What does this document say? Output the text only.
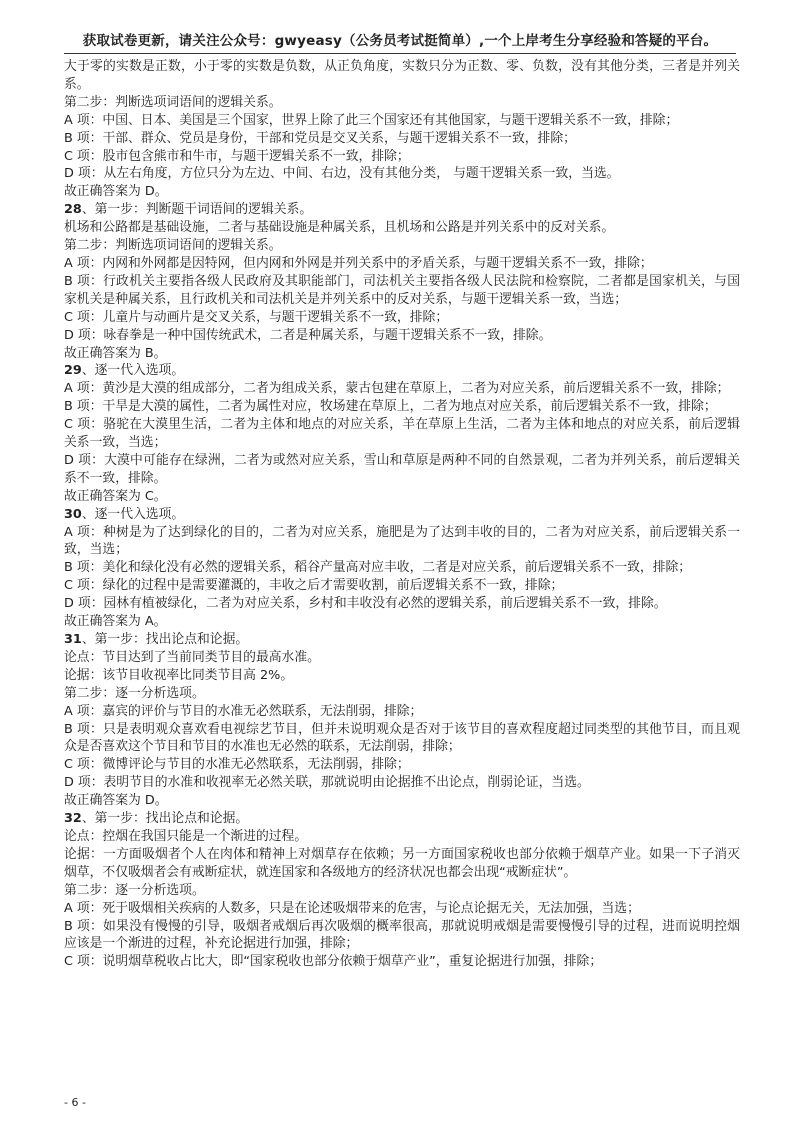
获取试卷更新，请关注公众号：gwyeasy（公务员考试挺简单）,一个上岸考生分享经验和答疑的平台。
大于零的实数是正数，小于零的实数是负数，从正负角度，实数只分为正数、零、负数，没有其他分类，三者是并列关系。
第二步：判断选项词语间的逻辑关系。
A 项：中国、日本、美国是三个国家，世界上除了此三个国家还有其他国家，与题干逻辑关系不一致，排除；
B 项：干部、群众、党员是身份，干部和党员是交叉关系，与题干逻辑关系不一致，排除；
C 项：股市包含熊市和牛市，与题干逻辑关系不一致，排除；
D 项：从左右角度，方位只分为左边、中间、右边，没有其他分类， 与题干逻辑关系一致，当选。
故正确答案为 D。
28、第一步：判断题干词语间的逻辑关系。
机场和公路都是基础设施，二者与基础设施是种属关系，且机场和公路是并列关系中的反对关系。
第二步：判断选项词语间的逻辑关系。
A 项：内网和外网都是因特网，但内网和外网是并列关系中的矛盾关系，与题干逻辑关系不一致，排除；
B 项：行政机关主要指各级人民政府及其职能部门，司法机关主要指各级人民法院和检察院，二者都是国家机关，与国家机关是种属关系，且行政机关和司法机关是并列关系中的反对关系，与题干逻辑关系一致，当选；
C 项：儿童片与动画片是交叉关系，与题干逻辑关系不一致，排除；
D 项：咏春拳是一种中国传统武术，二者是种属关系，与题干逻辑关系不一致，排除。
故正确答案为 B。
29、逐一代入选项。
A 项：黄沙是大漠的组成部分，二者为组成关系，蒙古包建在草原上，二者为对应关系，前后逻辑关系不一致，排除；
B 项：干旱是大漠的属性，二者为属性对应，牧场建在草原上，二者为地点对应关系，前后逻辑关系不一致，排除；
C 项：骆驼在大漠里生活，二者为主体和地点的对应关系，羊在草原上生活，二者为主体和地点的对应关系，前后逻辑关系一致，当选；
D 项：大漠中可能存在绿洲，二者为或然对应关系，雪山和草原是两种不同的自然景观，二者为并列关系，前后逻辑关系不一致，排除。
故正确答案为 C。
30、逐一代入选项。
A 项：种树是为了达到绿化的目的，二者为对应关系，施肥是为了达到丰收的目的，二者为对应关系，前后逻辑关系一致，当选；
B 项：美化和绿化没有必然的逻辑关系，稻谷产量高对应丰收，二者是对应关系，前后逻辑关系不一致，排除；
C 项：绿化的过程中是需要灌溉的，丰收之后才需要收割，前后逻辑关系不一致，排除；
D 项：园林有植被绿化，二者为对应关系，乡村和丰收没有必然的逻辑关系，前后逻辑关系不一致，排除。
故正确答案为 A。
31、第一步：找出论点和论据。
论点：节目达到了当前同类节目的最高水准。
论据：该节目收视率比同类节目高 2%。
第二步：逐一分析选项。
A 项：嘉宾的评价与节目的水准无必然联系，无法削弱，排除；
B 项：只是表明观众喜欢看电视综艺节目，但并未说明观众是否对于该节目的喜欢程度超过同类型的其他节目，而且观众是否喜欢这个节目和节目的水准也无必然的联系，无法削弱，排除；
C 项：微博评论与节目的水准无必然联系，无法削弱，排除；
D 项：表明节目的水准和收视率无必然关联，那就说明由论据推不出论点，削弱论证，当选。
故正确答案为 D。
32、第一步：找出论点和论据。
论点：控烟在我国只能是一个渐进的过程。
论据：一方面吸烟者个人在肉体和精神上对烟草存在依赖；另一方面国家税收也部分依赖于烟草产业。如果一下子消灭烟草，不仅吸烟者会有戒断症状，就连国家和各级地方的经济状况也都会出现“戒断症状”。
第二步：逐一分析选项。
A 项：死于吸烟相关疾病的人数多，只是在论述吸烟带来的危害，与论点论据无关，无法加强，当选；
B 项：如果没有慢慢的引导，吸烟者戒烟后再次吸烟的概率很高，那就说明戒烟是需要慢慢引导的过程，进而说明控烟应该是一个渐进的过程，补充论据进行加强，排除；
C 项：说明烟草税收占比大，即“国家税收也部分依赖于烟草产业”，重复论据进行加强，排除；
- 6 -
